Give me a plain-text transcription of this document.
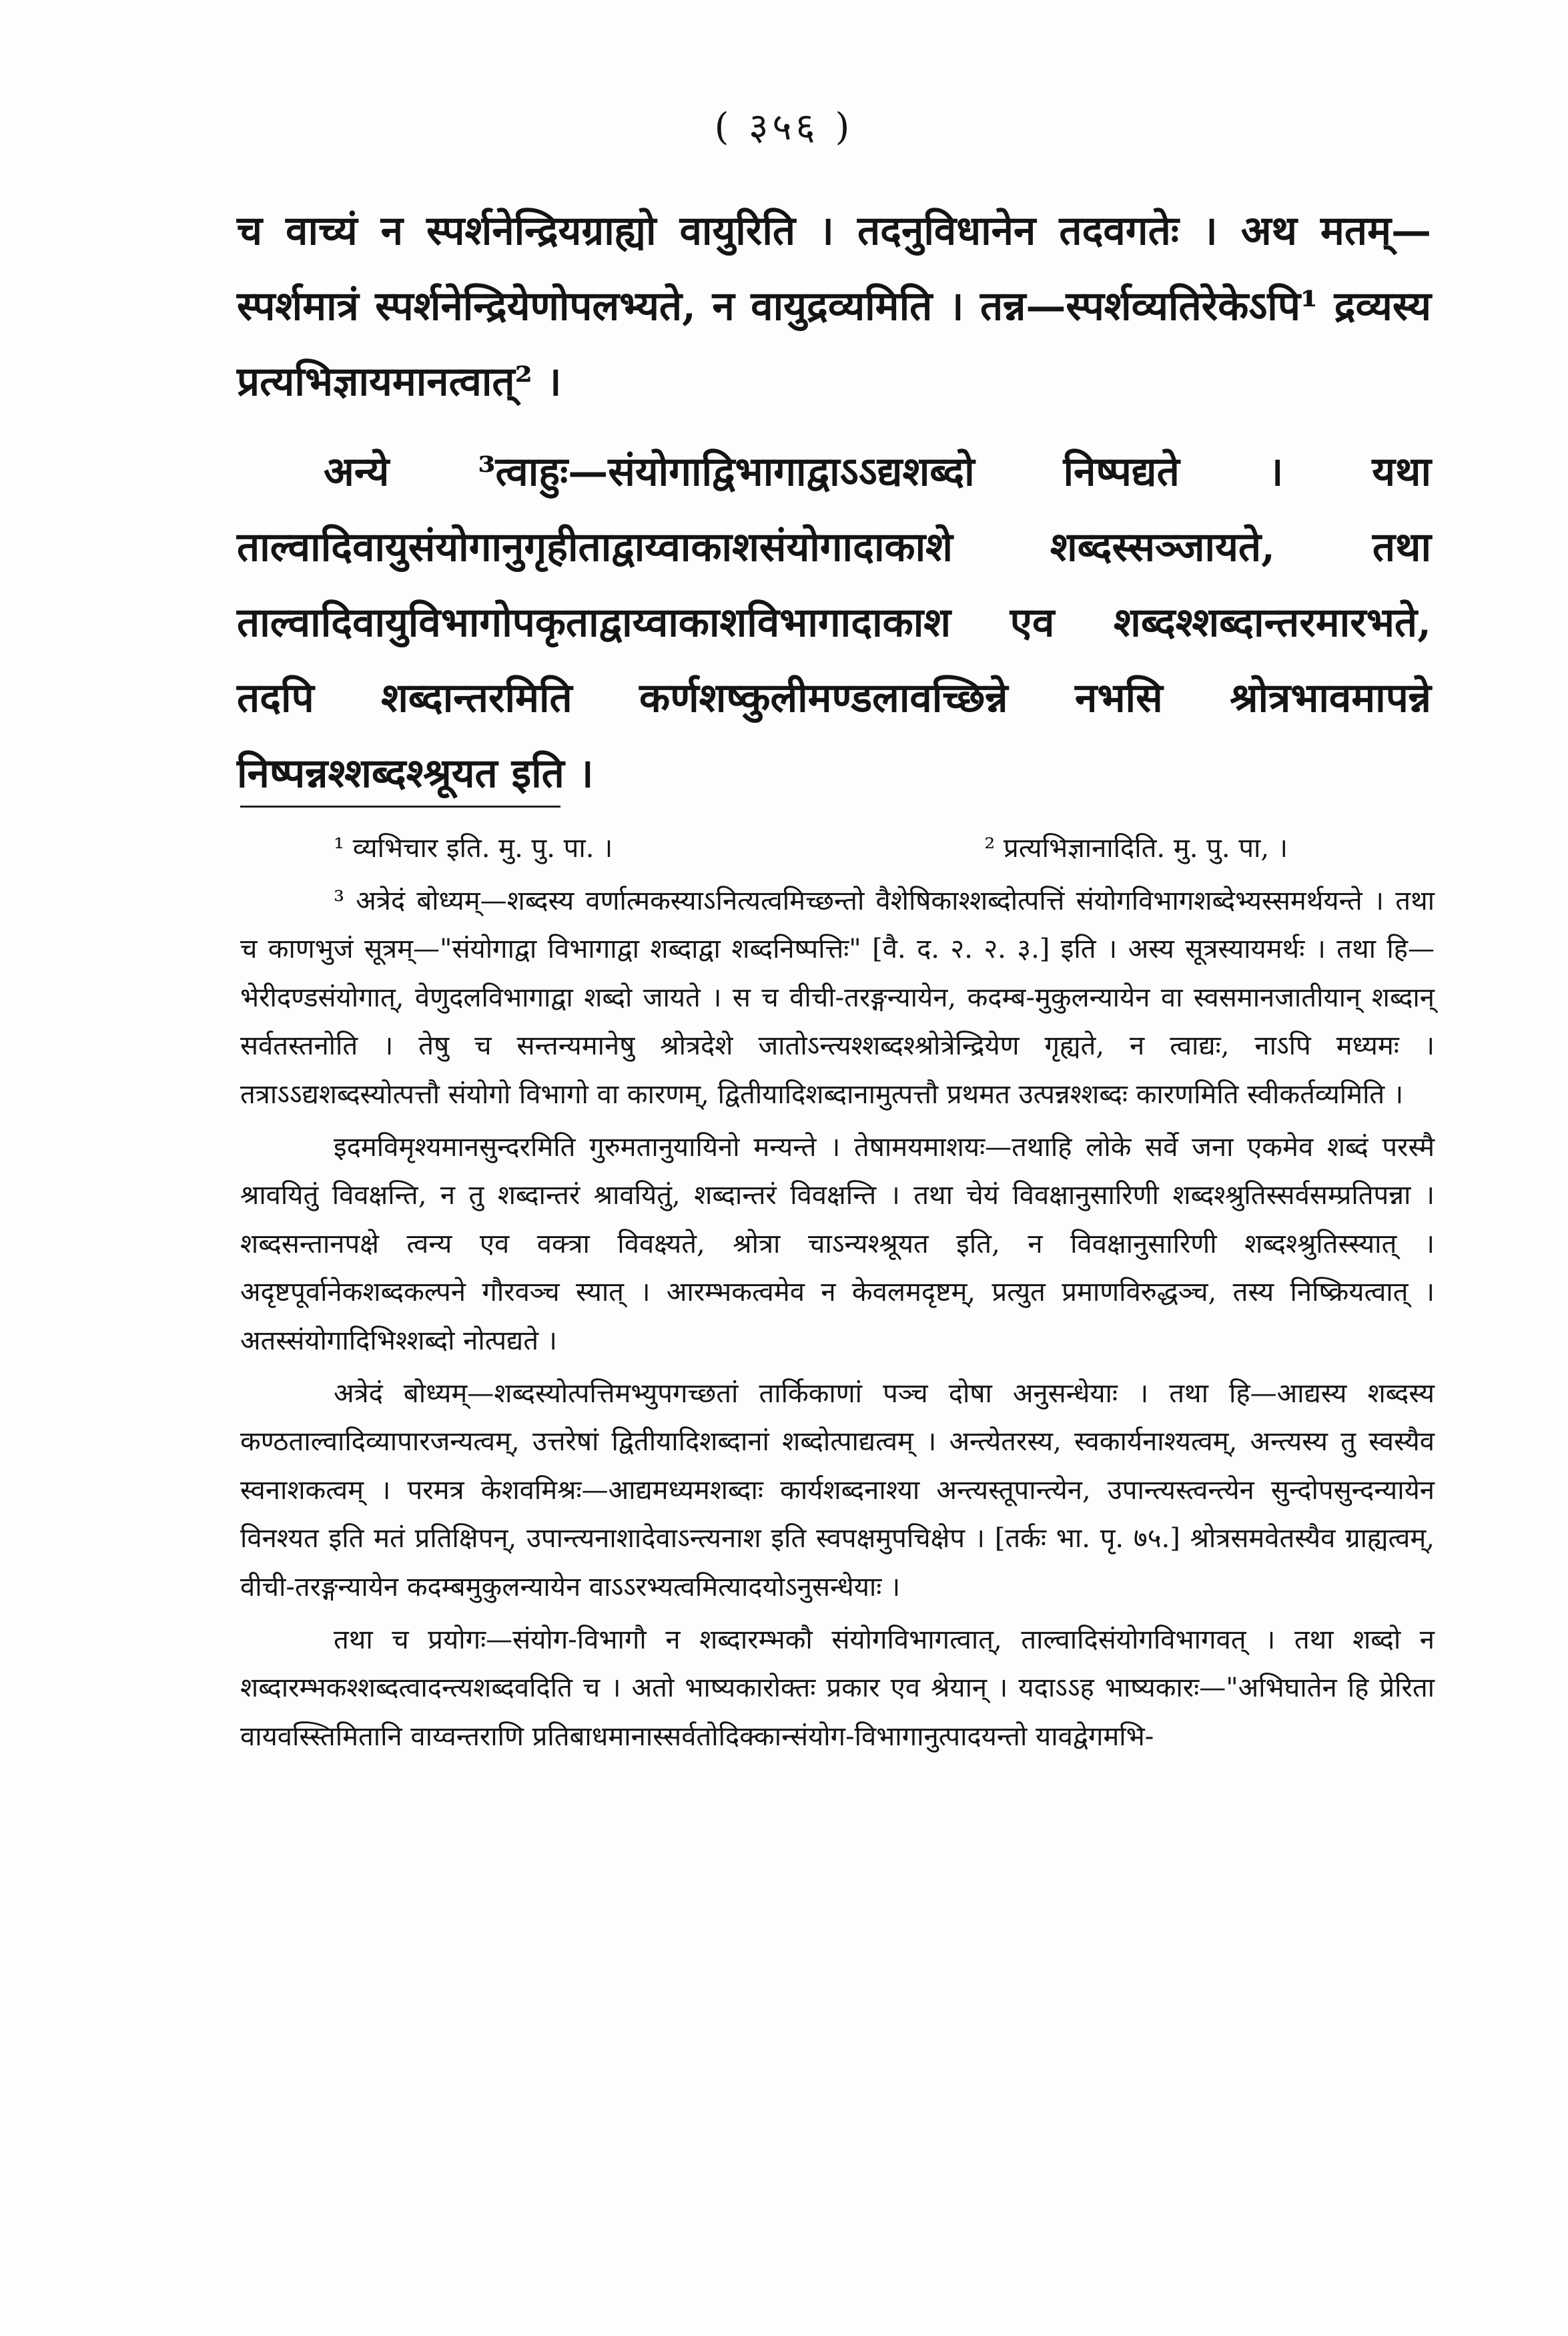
( ३५६ )

च वाच्यं न स्पर्शनेन्द्रियग्राह्यो वायुरिति । तदनुविधानेन तदवगतेः । अथ मतम्—स्पर्शमात्रं स्पर्शनेन्द्रियेणोपलभ्यते, न वायुद्रव्यमिति । तन्न—स्पर्शव्यतिरेकेऽपि¹ द्रव्यस्य प्रत्यभिज्ञायमानत्वात्² ।

अन्ये ³त्वाहुः—संयोगाद्विभागाद्वाऽऽद्यशब्दो निष्पद्यते । यथा ताल्वादिवायुसंयोगानुगृहीताद्वाय्वाकाशसंयोगादाकाशे शब्दस्सञ्जायते, तथा ताल्वादिवायुविभागोपकृताद्वाय्वाकाशविभागादाकाश एव शब्दश्शब्दान्तरमारभते, तदपि शब्दान्तरमिति कर्णशष्कुलीमण्डलावच्छिन्ने नभसि श्रोत्रभावमापन्ने निष्पन्नश्शब्दश्श्रूयत इति ।

¹ व्यभिचार इति. मु. पु. पा. ।	² प्रत्यभिज्ञानादिति. मु. पु. पा, ।

³ अत्रेदं बोध्यम्—शब्दस्य वर्णात्मकस्याऽनित्यत्वमिच्छन्तो वैशेषिकाश्शब्दोत्पत्तिं संयोगविभागशब्देभ्यस्समर्थयन्ते । तथा च काणभुजं सूत्रम्—"संयोगाद्वा विभागाद्वा शब्दाद्वा शब्दनिष्पत्तिः" [वै. द. २. २. ३.] इति । अस्य सूत्रस्यायमर्थः । तथा हि—भेरीदण्डसंयोगात्, वेणुदलविभागाद्वा शब्दो जायते । स च वीची-तरङ्गन्यायेन, कदम्ब-मुकुलन्यायेन वा स्वसमानजातीयान् शब्दान् सर्वतस्तनोति । तेषु च सन्तन्यमानेषु श्रोत्रदेशे जातोऽन्त्यश्शब्दश्श्रोत्रेन्द्रियेण गृह्यते, न त्वाद्यः, नाऽपि मध्यमः । तत्राऽऽद्यशब्दस्योत्पत्तौ संयोगो विभागो वा कारणम्, द्वितीयादिशब्दानामुत्पत्तौ प्रथमत उत्पन्नश्शब्दः कारणमिति स्वीकर्तव्यमिति ।

इदमविमृश्यमानसुन्दरमिति गुरुमतानुयायिनो मन्यन्ते । तेषामयमाशयः—तथाहि लोके सर्वे जना एकमेव शब्दं परस्मै श्रावयितुं विवक्षन्ति, न तु शब्दान्तरं श्रावयितुं, शब्दान्तरं विवक्षन्ति । तथा चेयं विवक्षानुसारिणी शब्दश्श्रुतिस्सर्वसम्प्रतिपन्ना । शब्दसन्तानपक्षे त्वन्य एव वक्त्रा विवक्ष्यते, श्रोत्रा चाऽन्यश्श्रूयत इति, न विवक्षानुसारिणी शब्दश्श्रुतिस्स्यात् । अदृष्टपूर्वानेकशब्दकल्पने गौरवञ्च स्यात् । आरम्भकत्वमेव न केवलमदृष्टम्, प्रत्युत प्रमाणविरुद्धञ्च, तस्य निष्क्रियत्वात् । अतस्संयोगादिभिश्शब्दो नोत्पद्यते ।

अत्रेदं बोध्यम्—शब्दस्योत्पत्तिमभ्युपगच्छतां तार्किकाणां पञ्च दोषा अनुसन्धेयाः । तथा हि—आद्यस्य शब्दस्य कण्ठताल्वादिव्यापारजन्यत्वम्, उत्तरेषां द्वितीयादिशब्दानां शब्दोत्पाद्यत्वम् । अन्त्येतरस्य, स्वकार्यनाश्यत्वम्, अन्त्यस्य तु स्वस्यैव स्वनाशकत्वम् । परमत्र केशवमिश्रः—आद्यमध्यमशब्दाः कार्यशब्दनाश्या अन्त्यस्तूपान्त्येन, उपान्त्यस्त्वन्त्येन सुन्दोपसुन्दन्यायेन विनश्यत इति मतं प्रतिक्षिपन्, उपान्त्यनाशादेवाऽन्त्यनाश इति स्वपक्षमुपचिक्षेप । [तर्कः भा. पृ. ७५.] श्रोत्रसमवेतस्यैव ग्राह्यत्वम्, वीची-तरङ्गन्यायेन कदम्बमुकुलन्यायेन वाऽऽरभ्यत्वमित्यादयोऽनुसन्धेयाः ।

तथा च प्रयोगः—संयोग-विभागौ न शब्दारम्भकौ संयोगविभागत्वात्, ताल्वादिसंयोगविभागवत् । तथा शब्दो न शब्दारम्भकश्शब्दत्वादन्त्यशब्दवदिति च । अतो भाष्यकारोक्तः प्रकार एव श्रेयान् । यदाऽऽह भाष्यकारः—"अभिघातेन हि प्रेरिता वायवस्स्तिमितानि वाय्वन्तराणि प्रतिबाधमानास्सर्वतोदिक्कान्संयोग-विभागानुत्पादयन्तो यावद्वेगमभि-
